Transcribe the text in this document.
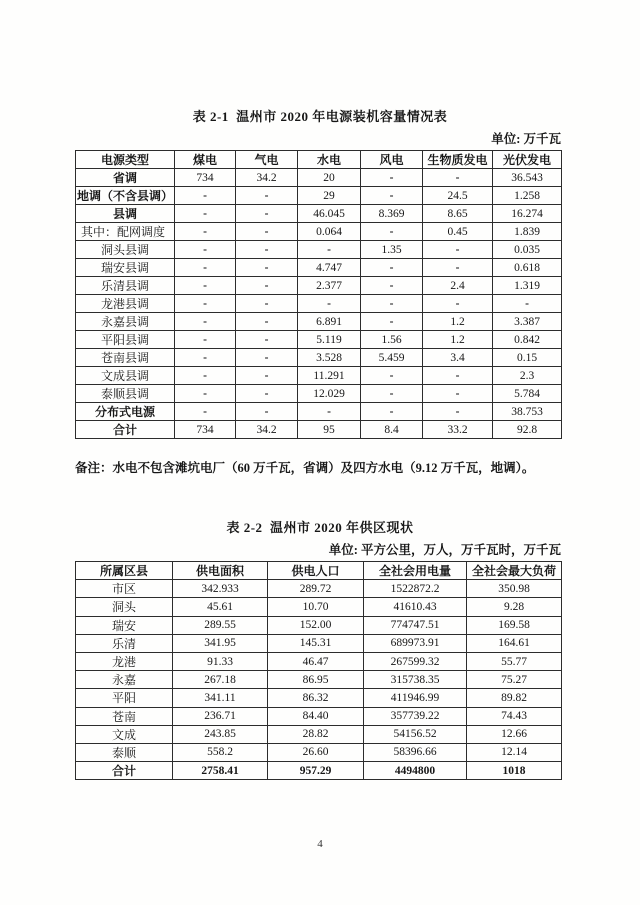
表 2-1  温州市 2020 年电源装机容量情况表
单位: 万千瓦
电源类型	煤电	气电	水电	风电	生物质发电	光伏发电
省调	734	34.2	20	-	-	36.543
地调（不含县调）	-	-	29	-	24.5	1.258
县调	-	-	46.045	8.369	8.65	16.274
其中：配网调度	-	-	0.064	-	0.45	1.839
洞头县调	-	-	-	1.35	-	0.035
瑞安县调	-	-	4.747	-	-	0.618
乐清县调	-	-	2.377	-	2.4	1.319
龙港县调	-	-	-	-	-	-
永嘉县调	-	-	6.891	-	1.2	3.387
平阳县调	-	-	5.119	1.56	1.2	0.842
苍南县调	-	-	3.528	5.459	3.4	0.15
文成县调	-	-	11.291	-	-	2.3
泰顺县调	-	-	12.029	-	-	5.784
分布式电源	-	-	-	-	-	38.753
合计	734	34.2	95	8.4	33.2	92.8
备注：水电不包含滩坑电厂（60 万千瓦，省调）及四方水电（9.12 万千瓦，地调）。
表 2-2  温州市 2020 年供区现状
单位: 平方公里，万人，万千瓦时，万千瓦
所属区县	供电面积	供电人口	全社会用电量	全社会最大负荷
市区	342.933	289.72	1522872.2	350.98
洞头	45.61	10.70	41610.43	9.28
瑞安	289.55	152.00	774747.51	169.58
乐清	341.95	145.31	689973.91	164.61
龙港	91.33	46.47	267599.32	55.77
永嘉	267.18	86.95	315738.35	75.27
平阳	341.11	86.32	411946.99	89.82
苍南	236.71	84.40	357739.22	74.43
文成	243.85	28.82	54156.52	12.66
泰顺	558.2	26.60	58396.66	12.14
合计	2758.41	957.29	4494800	1018
4
